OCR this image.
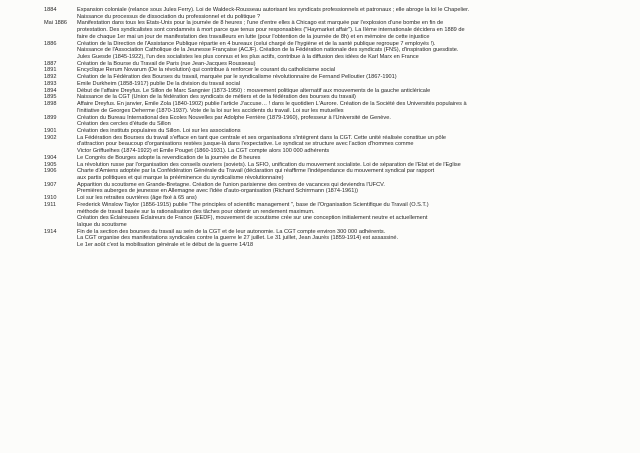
1884	Expansion coloniale (relance sous Jules Ferry). Loi de Waldeck-Rousseau autorisant les syndicats professionnels et patronaux ; elle abroge la loi le Chapelier.
Naissance du processus de dissociation du professionnel et du politique ?
Mai 1886	Manifestation dans tous les Etats-Unis pour la journée de 8 heures ; l'une d'entre elles à Chicago est marquée par l'explosion d'une bombe en fin de
protestation. Des syndicalistes sont condamnés à mort parce que tenus pour responsables ("Haymarket affair"). La IIème internationale décidera en 1889 de
faire de chaque 1er mai un jour de manifestation des travailleurs en lutte (pour l'obtention de la journée de 8h) et en mémoire de cette injustice
1886	Création de la Direction de l'Assistance Publique répartie en 4 bureaux (celui chargé de l'hygiène et de la santé publique regroupe 7 employés !).
Naissance de l'Association Catholique de la Jeunesse Française (ACJF). Création de la Fédération nationale des syndicats (FNS), d'inspiration guesdiste.
Jules Guesde (1845-1922), l'un des socialistes les plus connus et les plus actifs, contribue à la diffusion des idées de Karl Marx en France
1887	Création de la Bourse du Travail de Paris (rue Jean-Jacques Rousseau)
1891	Encyclique Rerum Novarum (De la révolution) qui contribue à renforcer le courant du catholicisme social
1892	Création de la Fédération des Bourses du travail, marquée par le syndicalisme révolutionnaire de Fernand Pelloutier (1867-1901)
1893	Emile Durkheim (1858-1917) publie De la division du travail social
1894	Début de l'affaire Dreyfus. Le Sillon de Marc Sangnier (1873-1950) : mouvement politique alternatif aux mouvements de la gauche anticléricale
1895	Naissance de la CGT (Union de la fédération des syndicats de métiers et de la fédération des bourses du travail)
1898	Affaire Dreyfus. En janvier, Emile Zola (1840-1902) publie l'article J'accuse… ! dans le quotidien L'Aurore. Création de la Société des Universités populaires à
l'initiative de Georges Deherme (1870-1937). Vote de la loi sur les accidents du travail. Loi sur les mutuelles
1899	Création du Bureau International des Ecoles Nouvelles par Adolphe Ferrière (1879-1960), professeur à l'Université de Genève.
Création des cercles d'étude du Sillon
1901	Création des instituts populaires du Sillon. Loi sur les associations
1902	La Fédération des Bourses du travail s'efface en tant que centrale et ses organisations s'intègrent dans la CGT. Cette unité réalisée constitue un pôle
d'attraction pour beaucoup d'organisations restées jusque-là dans l'expectative. Le syndicat se structure avec l'action d'hommes comme
Victor Griffuelhes (1874-1922) et Emile Pouget (1860-1931). La CGT compte alors 100 000 adhérents
1904	Le Congrès de Bourges adopte la revendication de la journée de 8 heures
1905	La révolution russe par l'organisation des conseils ouvriers (soviets). La SFIO, unification du mouvement socialiste. Loi de séparation de l'Etat et de l'Eglise
1906	Charte d'Amiens adoptée par la Confédération Générale du Travail (déclaration qui réaffirme l'indépendance du mouvement syndical par rapport
aux partis politiques et qui marque la prééminence du syndicalisme révolutionnaire)
1907	Apparition du scoutisme en Grande-Bretagne. Création de l'union parisienne des centres de vacances qui deviendra l'UFCV.
Premières auberges de jeunesse en Allemagne avec l'idée d'auto-organisation (Richard Schirrmann (1874-1961))
1910	Loi sur les retraites ouvrières (âge fixé à 65 ans)
1911	Frederick Winslow Taylor (1856-1915) publie "The principles of scientific management ", base de l'Organisation Scientifique du Travail (O.S.T.)
méthode de travail basée sur la rationalisation des tâches pour obtenir un rendement maximum.
Création des Éclaireuses Éclaireurs de France (EEDF), mouvement de scoutisme crée sur une conception initialement neutre et actuellement
laïque du scoutisme
1914	Fin de la section des bourses du travail au sein de la CGT et de leur autonomie. La CGT compte environ 300 000 adhérents.
La CGT organise des manifestations syndicales contre la guerre le 27 juillet. Le 31 juillet, Jean Jaurès (1859-1914) est assassiné.
Le 1er août c'est la mobilisation générale et le début de la guerre 14/18
